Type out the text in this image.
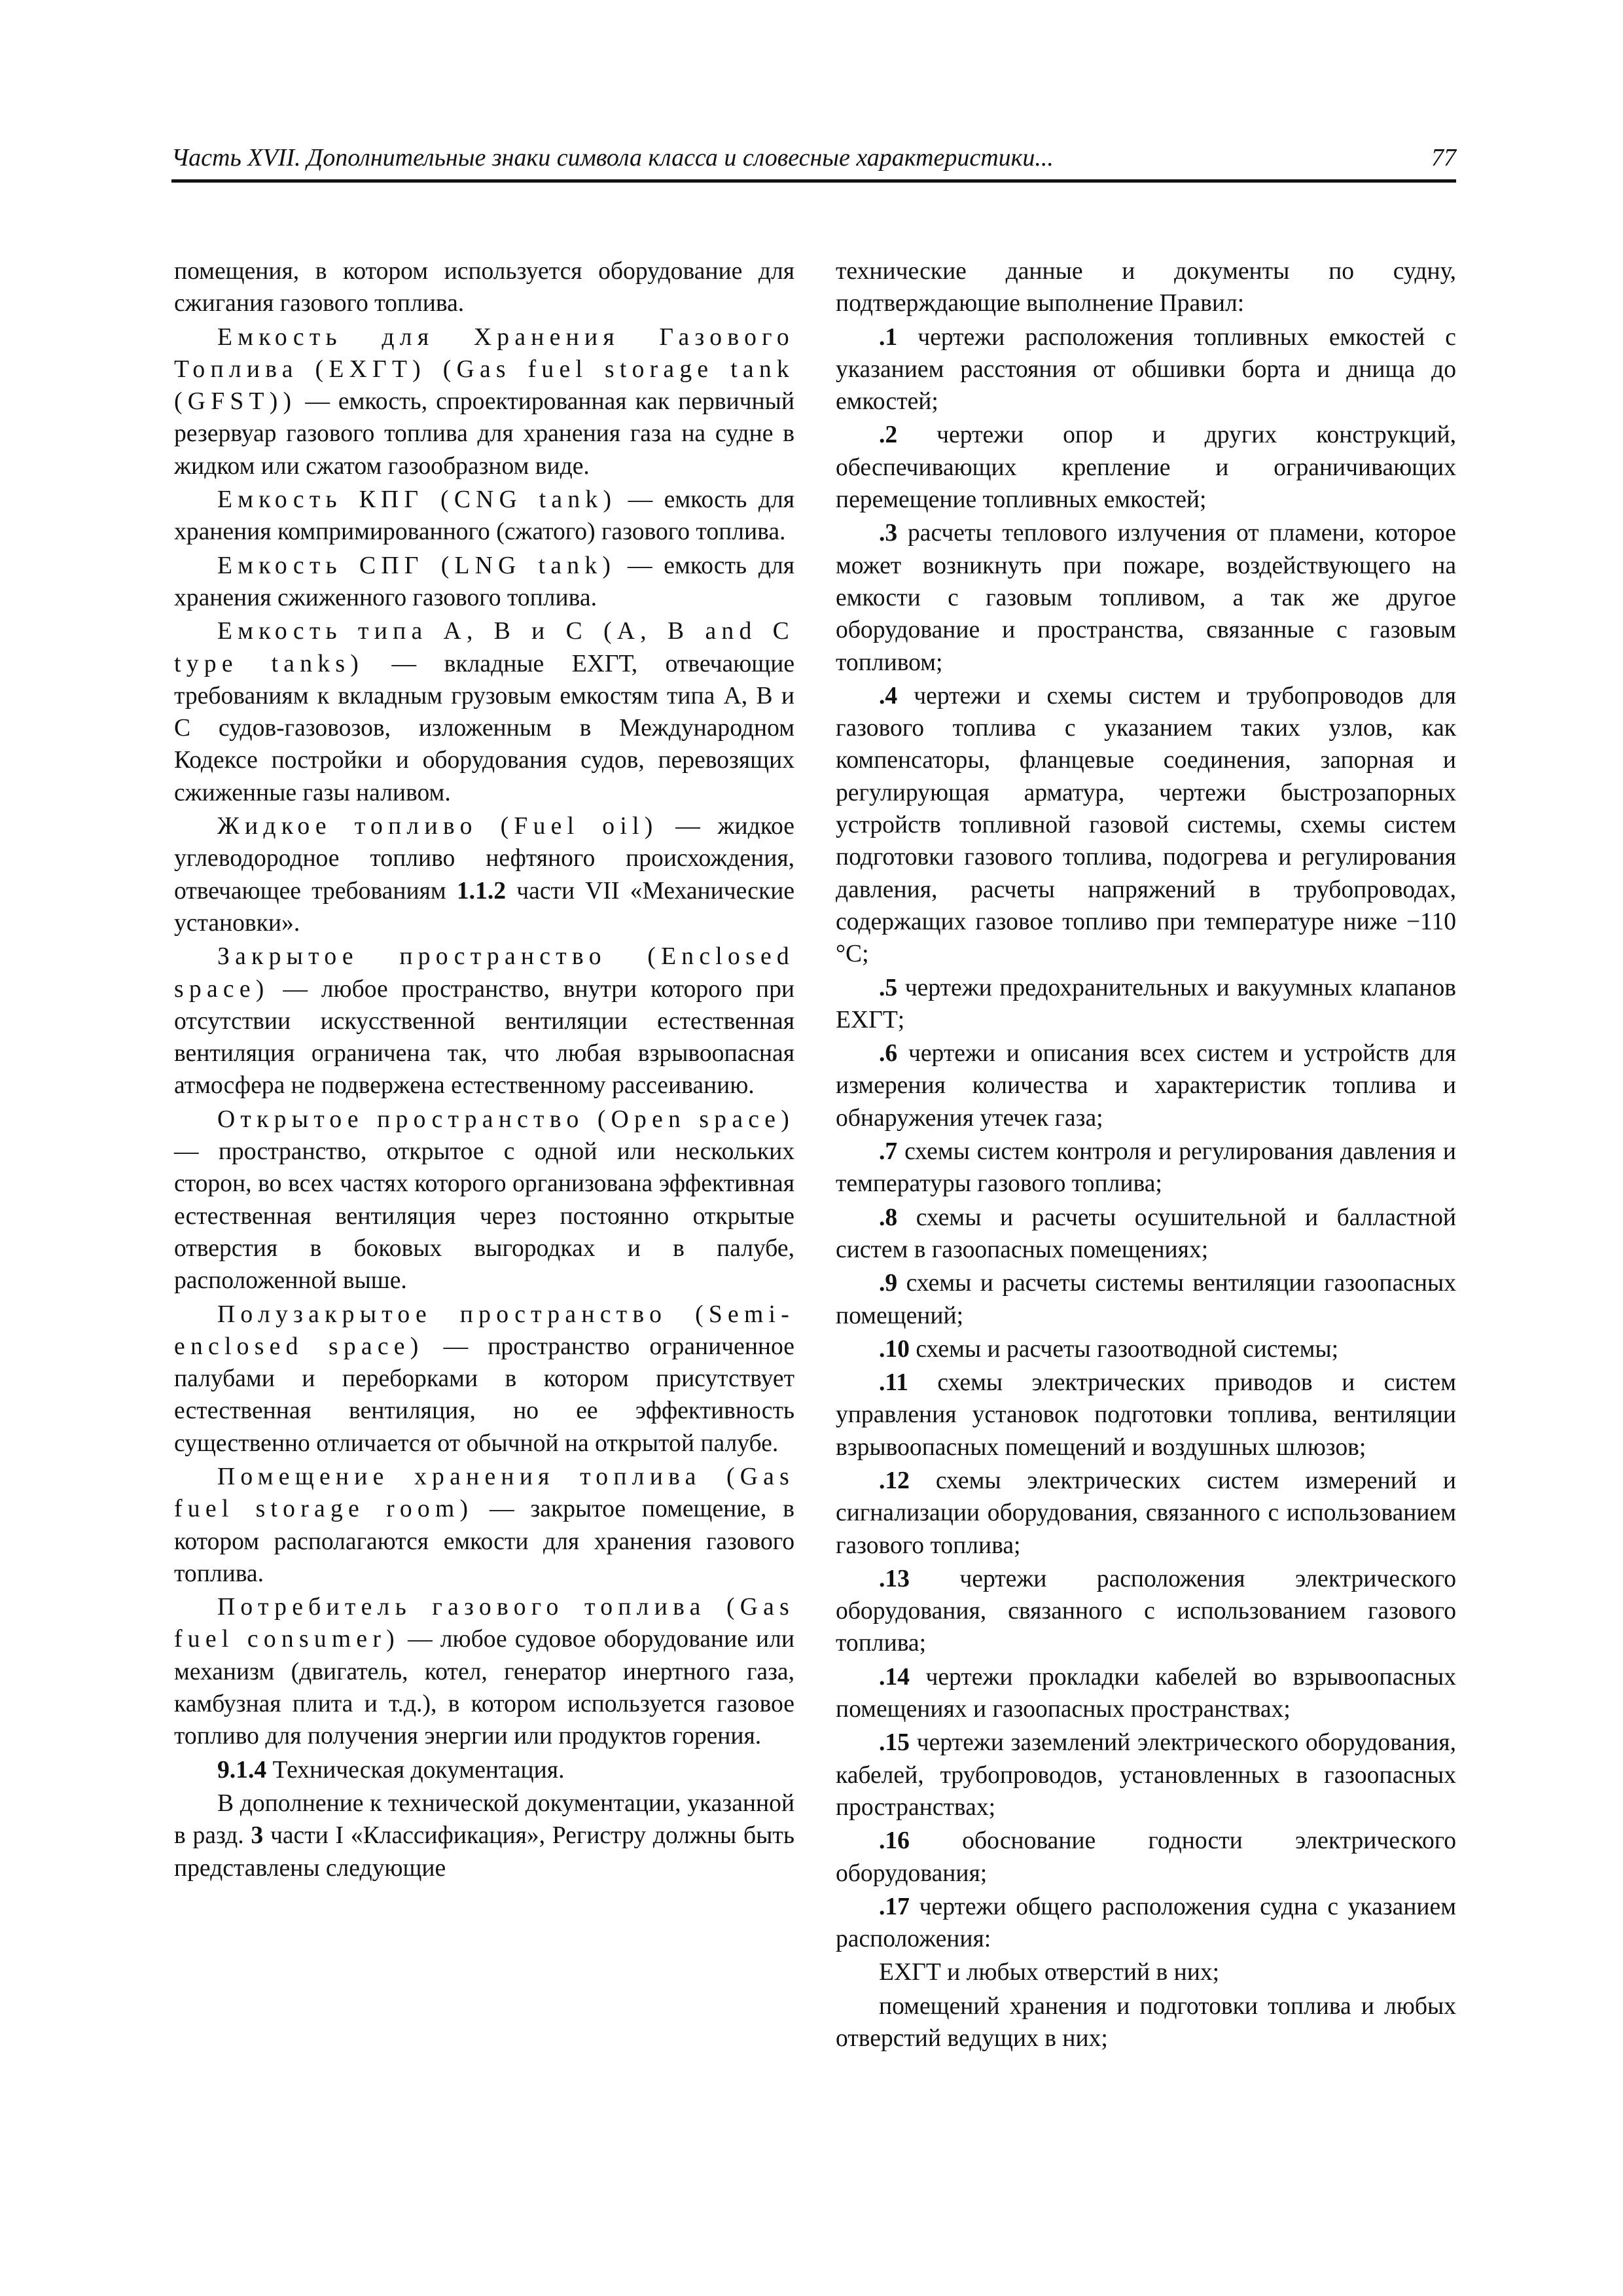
Часть XVII. Дополнительные знаки символа класса и словесные характеристики...	77

помещения, в котором используется оборудование для сжигания газового топлива.

Емкость для Хранения Газового Топлива (ЕХГТ) (Gas fuel storage tank (GFST)) — емкость, спроектированная как первичный резервуар газового топлива для хранения газа на судне в жидком или сжатом газообразном виде.

Емкость КПГ (CNG tank) — емкость для хранения компримированного (сжатого) газового топлива.

Емкость СПГ (LNG tank) — емкость для хранения сжиженного газового топлива.

Емкость типа А, В и С (A, B and C type tanks) — вкладные ЕХГТ, отвечающие требованиям к вкладным грузовым емкостям типа А, В и С судов-газовозов, изложенным в Международном Кодексе постройки и оборудования судов, перевозящих сжиженные газы наливом.

Жидкое топливо (Fuel oil) — жидкое углеводородное топливо нефтяного происхождения, отвечающее требованиям 1.1.2 части VII «Механические установки».

Закрытое пространство (Enclosed space) — любое пространство, внутри которого при отсутствии искусственной вентиляции естественная вентиляция ограничена так, что любая взрывоопасная атмосфера не подвержена естественному рассеиванию.

Открытое пространство (Open space) — пространство, открытое с одной или нескольких сторон, во всех частях которого организована эффективная естественная вентиляция через постоянно открытые отверстия в боковых выгородках и в палубе, расположенной выше.

Полузакрытое пространство (Semi-enclosed space) — пространство ограниченное палубами и переборками в котором присутствует естественная вентиляция, но ее эффективность существенно отличается от обычной на открытой палубе.

Помещение хранения топлива (Gas fuel storage room) — закрытое помещение, в котором располагаются емкости для хранения газового топлива.

Потребитель газового топлива (Gas fuel consumer) — любое судовое оборудование или механизм (двигатель, котел, генератор инертного газа, камбузная плита и т.д.), в котором используется газовое топливо для получения энергии или продуктов горения.

9.1.4 Техническая документация.

В дополнение к технической документации, указанной в разд. 3 части I «Классификация», Регистру должны быть представлены следующие

технические данные и документы по судну, подтверждающие выполнение Правил:

.1 чертежи расположения топливных емкостей с указанием расстояния от обшивки борта и днища до емкостей;

.2 чертежи опор и других конструкций, обеспечивающих крепление и ограничивающих перемещение топливных емкостей;

.3 расчеты теплового излучения от пламени, которое может возникнуть при пожаре, воздействующего на емкости с газовым топливом, а так же другое оборудование и пространства, связанные с газовым топливом;

.4 чертежи и схемы систем и трубопроводов для газового топлива с указанием таких узлов, как компенсаторы, фланцевые соединения, запорная и регулирующая арматура, чертежи быстрозапорных устройств топливной газовой системы, схемы систем подготовки газового топлива, подогрева и регулирования давления, расчеты напряжений в трубопроводах, содержащих газовое топливо при температуре ниже −110 °С;

.5 чертежи предохранительных и вакуумных клапанов ЕХГТ;

.6 чертежи и описания всех систем и устройств для измерения количества и характеристик топлива и обнаружения утечек газа;

.7 схемы систем контроля и регулирования давления и температуры газового топлива;

.8 схемы и расчеты осушительной и балластной систем в газоопасных помещениях;

.9 схемы и расчеты системы вентиляции газоопасных помещений;

.10 схемы и расчеты газоотводной системы;

.11 схемы электрических приводов и систем управления установок подготовки топлива, вентиляции взрывоопасных помещений и воздушных шлюзов;

.12 схемы электрических систем измерений и сигнализации оборудования, связанного с использованием газового топлива;

.13 чертежи расположения электрического оборудования, связанного с использованием газового топлива;

.14 чертежи прокладки кабелей во взрывоопасных помещениях и газоопасных пространствах;

.15 чертежи заземлений электрического оборудования, кабелей, трубопроводов, установленных в газоопасных пространствах;

.16 обоснование годности электрического оборудования;

.17 чертежи общего расположения судна с указанием расположения:

ЕХГТ и любых отверстий в них;

помещений хранения и подготовки топлива и любых отверстий ведущих в них;
